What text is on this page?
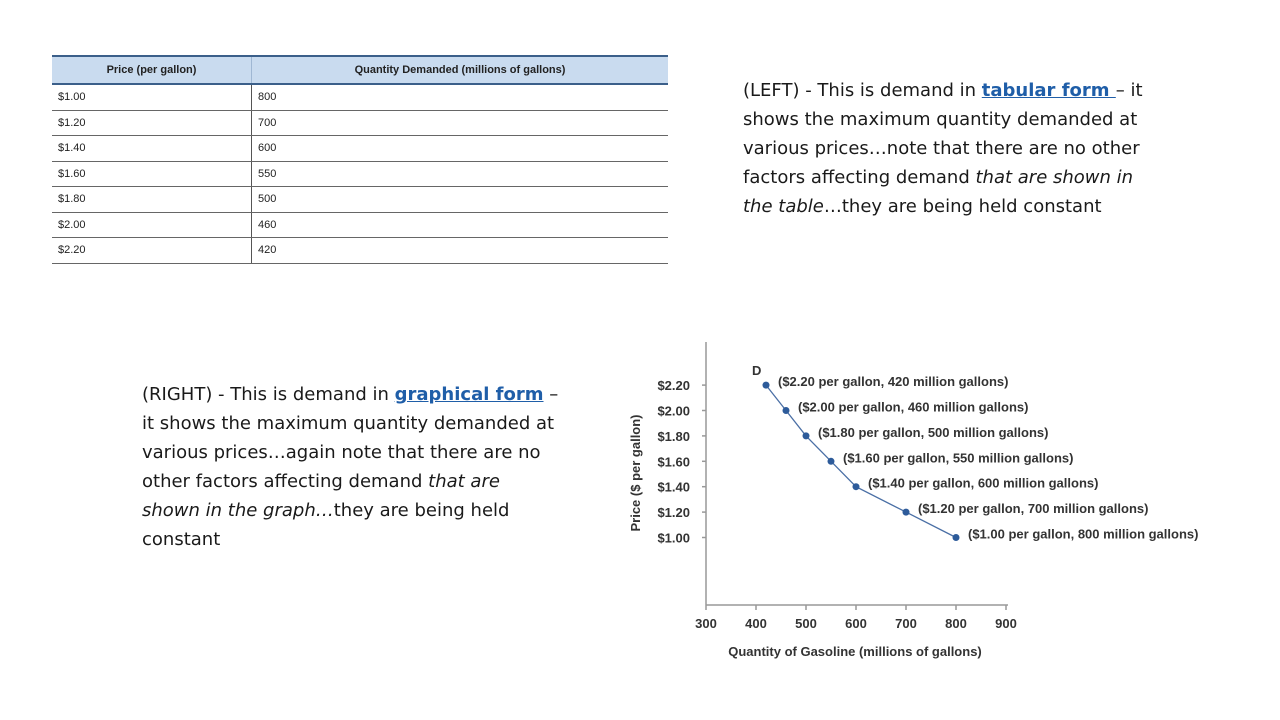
Price (per gallon)	Quantity Demanded (millions of gallons)
$1.00	800
$1.20	700
$1.40	600
$1.60	550
$1.80	500
$2.00	460
$2.20	420

(LEFT) - This is demand in tabular form – it shows the maximum quantity demanded at various prices…note that there are no other factors affecting demand that are shown in the table…they are being held constant

(RIGHT) - This is demand in graphical form – it shows the maximum quantity demanded at various prices…again note that there are no other factors affecting demand that are shown in the graph…they are being held constant

$2.20
$2.00
$1.80
$1.60
$1.40
$1.20
$1.00
300 400 500 600 700 800 900
Quantity of Gasoline (millions of gallons)
Price ($ per gallon)
D
($2.20 per gallon, 420 million gallons)
($2.00 per gallon, 460 million gallons)
($1.80 per gallon, 500 million gallons)
($1.60 per gallon, 550 million gallons)
($1.40 per gallon, 600 million gallons)
($1.20 per gallon, 700 million gallons)
($1.00 per gallon, 800 million gallons)
